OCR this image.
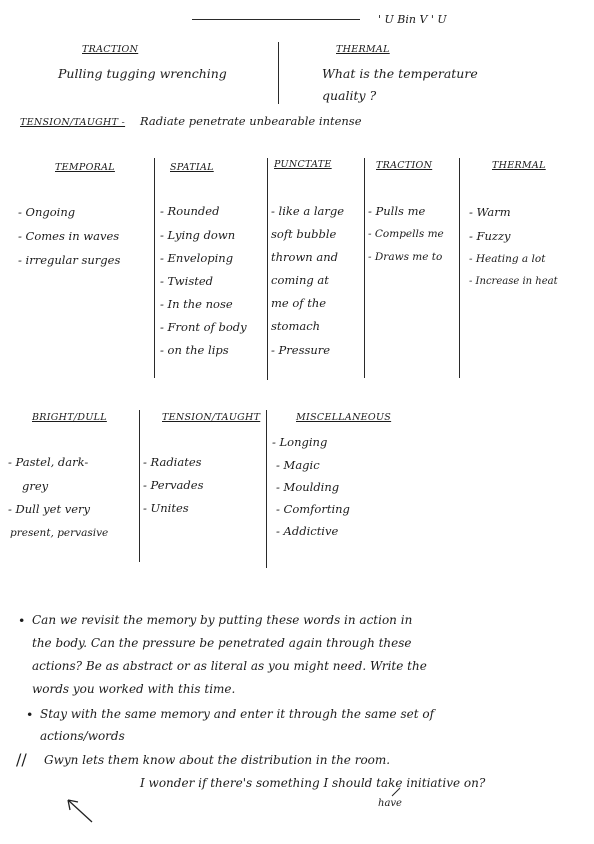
' U Bin V ' U
TRACTION
Pulling tugging wrenching
THERMAL
What is the temperature
quality ?
TENSION/TAUGHT - Radiate penetrate unbearable intense
TEMPORAL
- Ongoing
- Comes in waves
- irregular surges
SPATIAL
- Rounded
- Lying down
- Enveloping
- Twisted
- In the nose
- Front of body
- on the lips
PUNCTATE
- like a large
soft bubble
thrown and
coming at
me of the
stomach
- Pressure
TRACTION
- Pulls me
- Compells me
- Draws me to
THERMAL
- Warm
- Fuzzy
- Heating a lot
- Increase in heat
BRIGHT/DULL
- Pastel, dark-
grey
- Dull yet very
present, pervasive
TENSION/TAUGHT
- Radiates
- Pervades
- Unites
MISCELLANEOUS
- Longing
- Magic
- Moulding
- Comforting
- Addictive
• Can we revisit the memory by putting these words in action in
the body. Can the pressure be penetrated again through these
actions? Be as abstract or as literal as you might need. Write the
words you worked with this time.
• Stay with the same memory and enter it through the same set of
actions/words
// Gwyn lets them know about the distribution in the room.
I wonder if there's something I should take initiative on?
have
